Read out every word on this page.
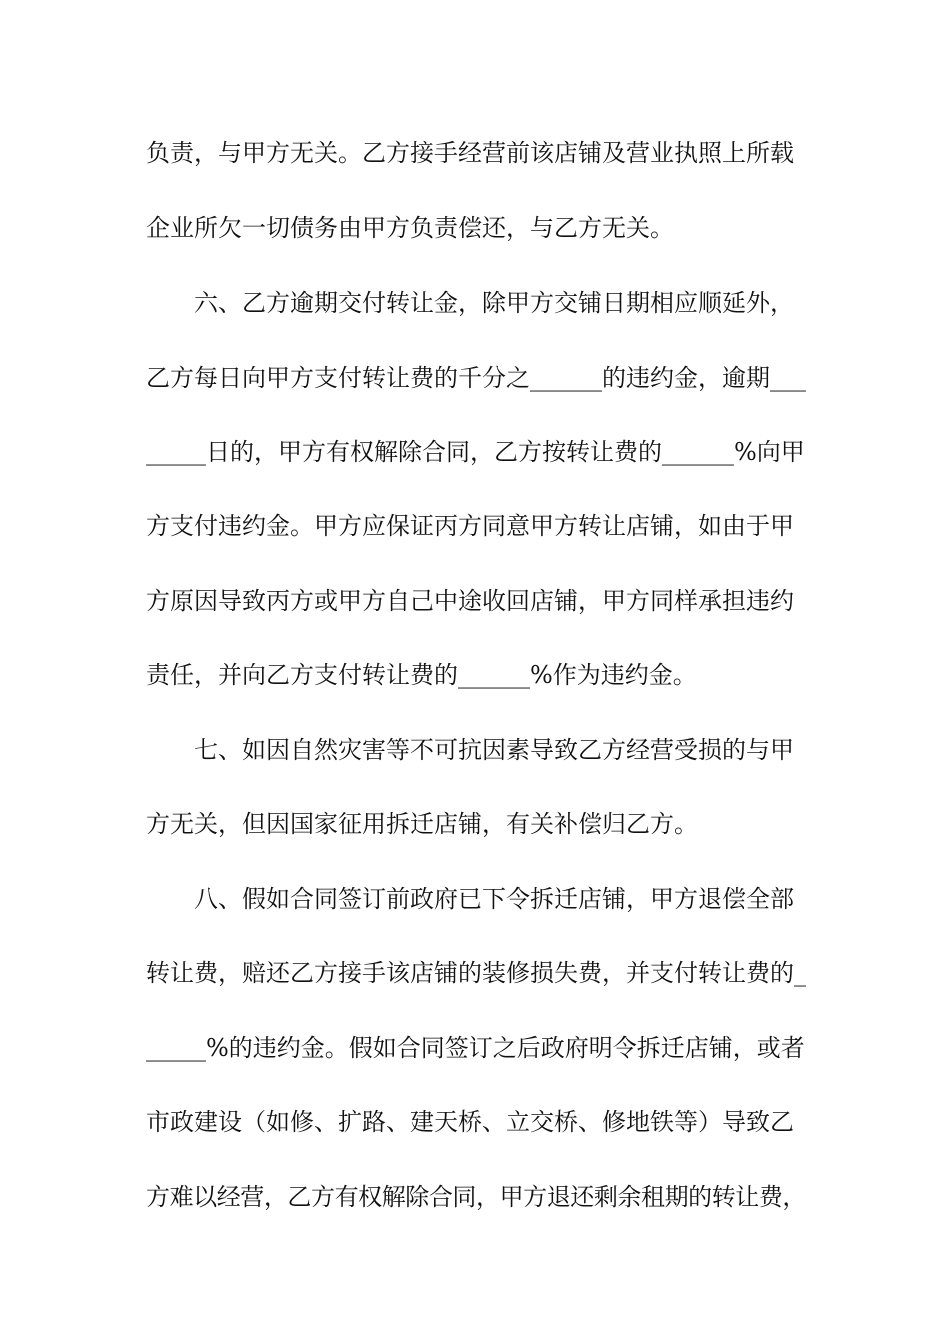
负责，与甲方无关。乙方接手经营前该店铺及营业执照上所载
企业所欠一切债务由甲方负责偿还，与乙方无关。
六、乙方逾期交付转让金，除甲方交铺日期相应顺延外，
乙方每日向甲方支付转让费的千分之______的违约金，逾期___
_____日的，甲方有权解除合同，乙方按转让费的______%向甲
方支付违约金。甲方应保证丙方同意甲方转让店铺，如由于甲
方原因导致丙方或甲方自己中途收回店铺，甲方同样承担违约
责任，并向乙方支付转让费的______%作为违约金。
七、如因自然灾害等不可抗因素导致乙方经营受损的与甲
方无关，但因国家征用拆迁店铺，有关补偿归乙方。
八、假如合同签订前政府已下令拆迁店铺，甲方退偿全部
转让费，赔还乙方接手该店铺的装修损失费，并支付转让费的_
_____%的违约金。假如合同签订之后政府明令拆迁店铺，或者
市政建设（如修、扩路、建天桥、立交桥、修地铁等）导致乙
方难以经营，乙方有权解除合同，甲方退还剩余租期的转让费，
